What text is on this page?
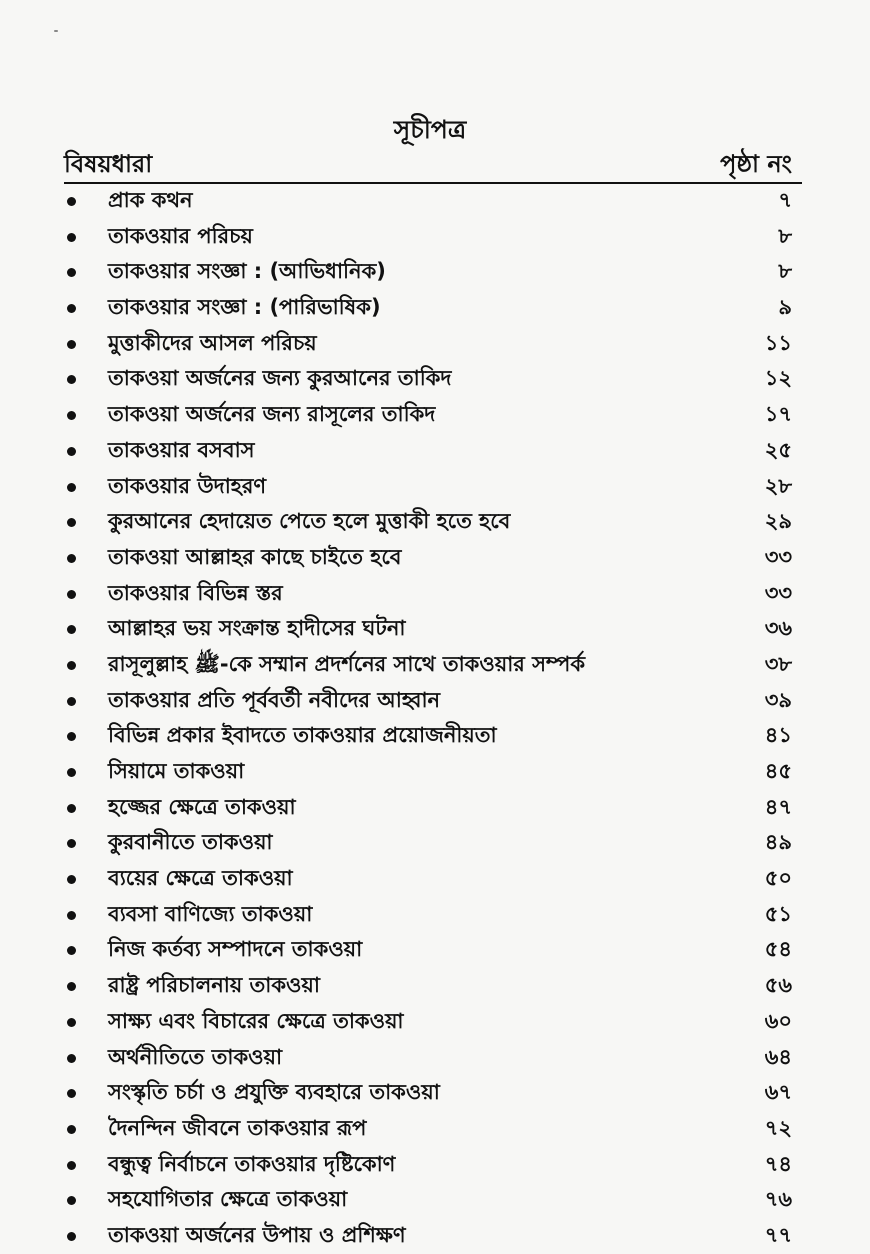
সূচীপত্র
বিষয়ধারা	পৃষ্ঠা নং
প্রাক কথন	৭
তাকওয়ার পরিচয়	৮
তাকওয়ার সংজ্ঞা : (আভিধানিক)	৮
তাকওয়ার সংজ্ঞা : (পারিভাষিক)	৯
মুত্তাকীদের আসল পরিচয়	১১
তাকওয়া অর্জনের জন্য কুরআনের তাকিদ	১২
তাকওয়া অর্জনের জন্য রাসূলের তাকিদ	১৭
তাকওয়ার বসবাস	২৫
তাকওয়ার উদাহরণ	২৮
কুরআনের হেদায়েত পেতে হলে মুত্তাকী হতে হবে	২৯
তাকওয়া আল্লাহর কাছে চাইতে হবে	৩৩
তাকওয়ার বিভিন্ন স্তর	৩৩
আল্লাহর ভয় সংক্রান্ত হাদীসের ঘটনা	৩৬
রাসূলুল্লাহ ﷺ-কে সম্মান প্রদর্শনের সাথে তাকওয়ার সম্পর্ক	৩৮
তাকওয়ার প্রতি পূর্ববর্তী নবীদের আহ্বান	৩৯
বিভিন্ন প্রকার ইবাদতে তাকওয়ার প্রয়োজনীয়তা	৪১
সিয়ামে তাকওয়া	৪৫
হজ্জের ক্ষেত্রে তাকওয়া	৪৭
কুরবানীতে তাকওয়া	৪৯
ব্যয়ের ক্ষেত্রে তাকওয়া	৫০
ব্যবসা বাণিজ্যে তাকওয়া	৫১
নিজ কর্তব্য সম্পাদনে তাকওয়া	৫৪
রাষ্ট্র পরিচালনায় তাকওয়া	৫৬
সাক্ষ্য এবং বিচারের ক্ষেত্রে তাকওয়া	৬০
অর্থনীতিতে তাকওয়া	৬৪
সংস্কৃতি চর্চা ও প্রযুক্তি ব্যবহারে তাকওয়া	৬৭
দৈনন্দিন জীবনে তাকওয়ার রূপ	৭২
বন্ধুত্ব নির্বাচনে তাকওয়ার দৃষ্টিকোণ	৭৪
সহযোগিতার ক্ষেত্রে তাকওয়া	৭৬
তাকওয়া অর্জনের উপায় ও প্রশিক্ষণ	৭৭
